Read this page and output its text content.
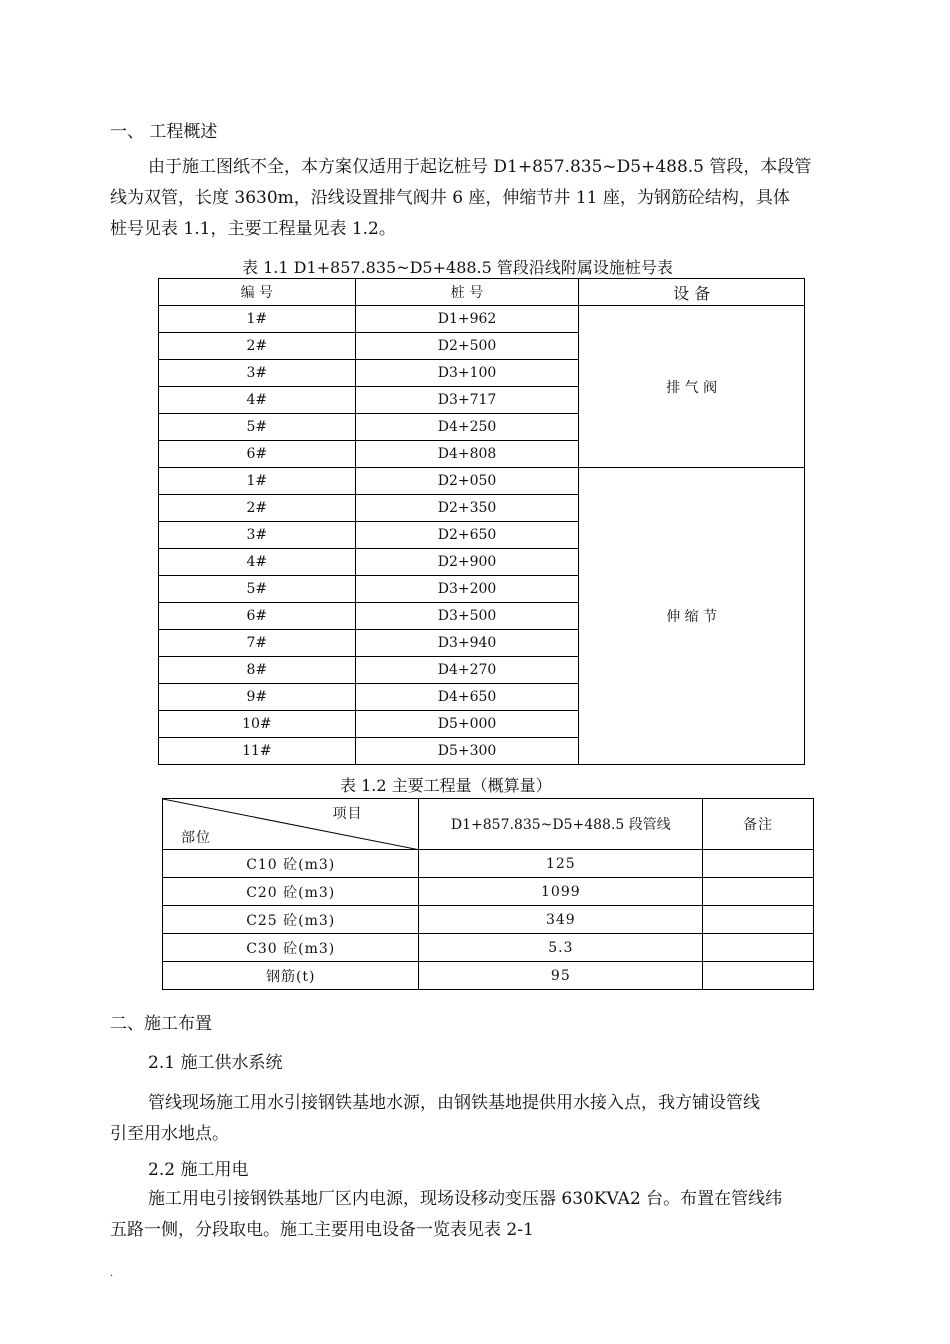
一、 工程概述
由于施工图纸不全，本方案仅适用于起讫桩号 D1+857.835~D5+488.5 管段，本段管
线为双管，长度 3630m，沿线设置排气阀井 6 座，伸缩节井 11 座，为钢筋砼结构，具体
桩号见表 1.1，主要工程量见表 1.2。
表 1.1 D1+857.835~D5+488.5 管段沿线附属设施桩号表
编 号	桩 号	设 备
1#	D1+962	排 气 阀
2#	D2+500	
3#	D3+100	
4#	D3+717	
5#	D4+250	
6#	D4+808	
1#	D2+050	伸 缩 节
2#	D2+350	
3#	D2+650	
4#	D2+900	
5#	D3+200	
6#	D3+500	
7#	D3+940	
8#	D4+270	
9#	D4+650	
10#	D5+000	
11#	D5+300	
表 1.2 主要工程量（概算量）
项目
部位	D1+857.835~D5+488.5 段管线	备注
C10 砼(m3)	125	
C20 砼(m3)	1099	
C25 砼(m3)	349	
C30 砼(m3)	5.3	
钢筋(t)	95	
二、施工布置
2.1 施工供水系统
管线现场施工用水引接钢铁基地水源，由钢铁基地提供用水接入点，我方铺设管线
引至用水地点。
2.2 施工用电
施工用电引接钢铁基地厂区内电源，现场设移动变压器 630KVA2 台。布置在管线纬
五路一侧，分段取电。施工主要用电设备一览表见表 2-1
.
